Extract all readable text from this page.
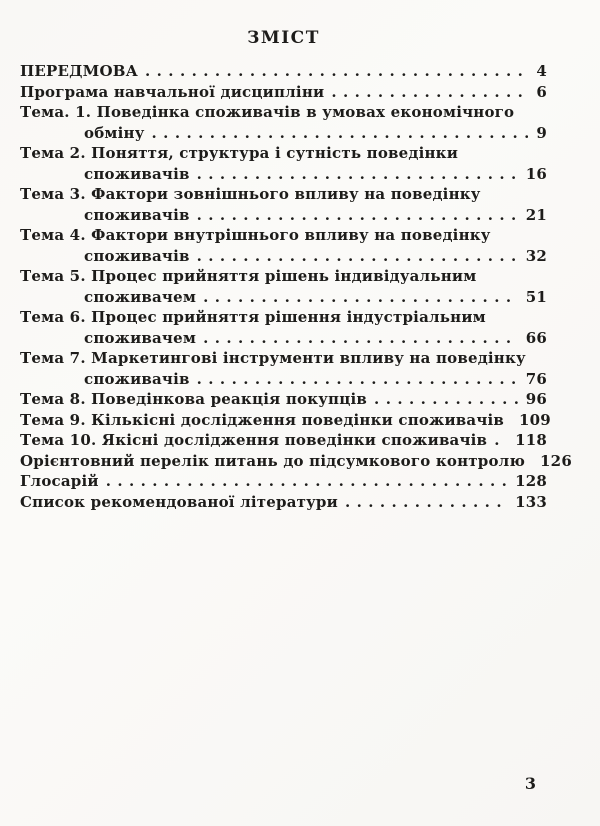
ЗМІСТ
ПЕРЕДМОВА . . .	4
Програма навчальної дисципліни . . .	6
Тема. 1. Поведінка споживачів в умовах економічного
обміну . . .	9
Тема 2. Поняття, структура і сутність поведінки
споживачів . . .	16
Тема 3. Фактори зовнішнього впливу на поведінку
споживачів . . .	21
Тема 4. Фактори внутрішнього впливу на поведінку
споживачів . . .	32
Тема 5. Процес прийняття рішень індивідуальним
споживачем . . .	51
Тема 6. Процес прийняття рішення індустріальним
споживачем . . .	66
Тема 7. Маркетингові інструменти впливу на поведінку
споживачів . . .	76
Тема 8. Поведінкова реакція покупців . . .	96
Тема 9. Кількісні дослідження поведінки споживачів . . .	109
Тема 10. Якісні дослідження поведінки споживачів . . .	118
Орієнтовний перелік питань до підсумкового контролю . . .	126
Глосарій . . .	128
Список рекомендованої літератури . . .	133
3
